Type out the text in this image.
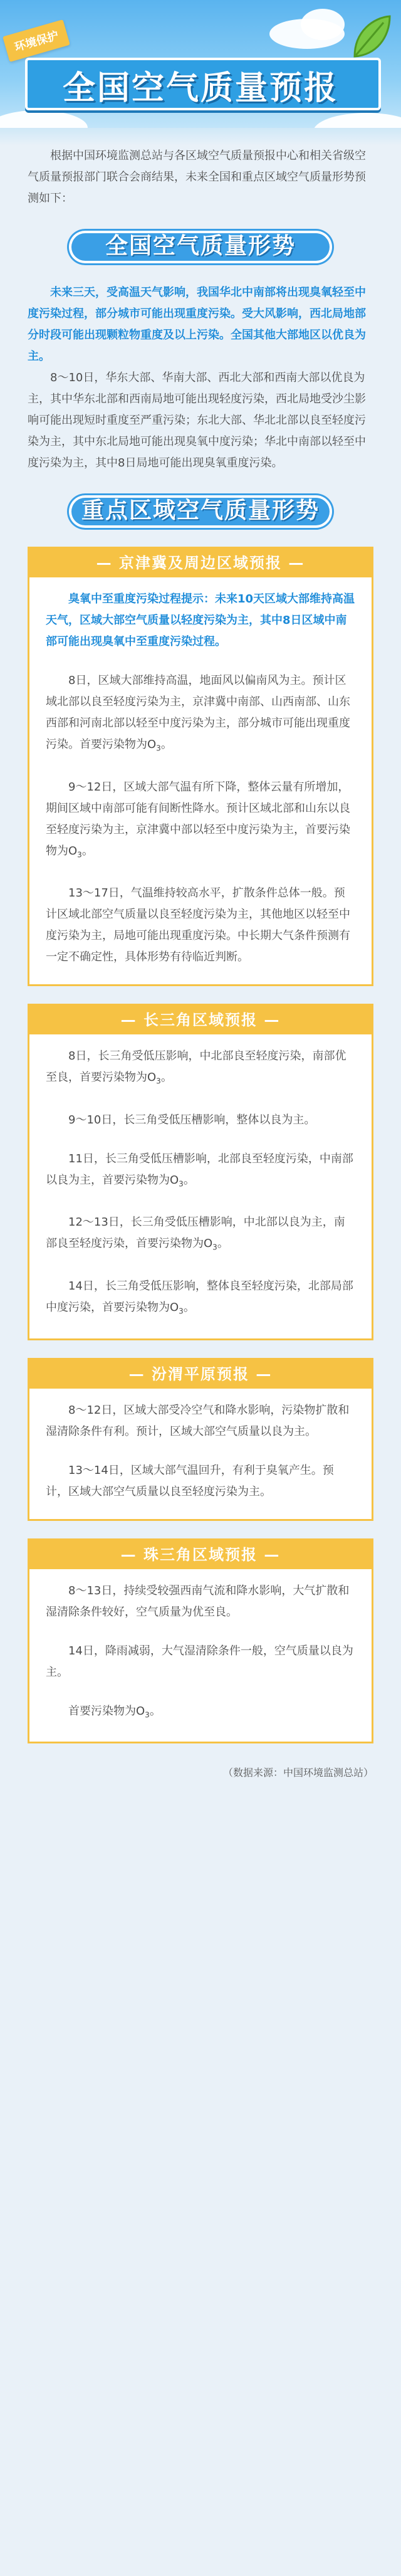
环境保护
全国空气质量预报

根据中国环境监测总站与各区域空气质量预报中心和相关省级空气质量预报部门联合会商结果，未来全国和重点区域空气质量形势预测如下：

全国空气质量形势

未来三天，受高温天气影响，我国华北中南部将出现臭氧轻至中度污染过程，部分城市可能出现重度污染。受大风影响，西北局地部分时段可能出现颗粒物重度及以上污染。全国其他大部地区以优良为主。

8～10日，华东大部、华南大部、西北大部和西南大部以优良为主，其中华东北部和西南局地可能出现轻度污染，西北局地受沙尘影响可能出现短时重度至严重污染；东北大部、华北北部以良至轻度污染为主，其中东北局地可能出现臭氧中度污染；华北中南部以轻至中度污染为主，其中8日局地可能出现臭氧重度污染。

重点区域空气质量形势
— 京津冀及周边区域预报 —

臭氧中至重度污染过程提示：未来10天区域大部维持高温天气，区域大部空气质量以轻度污染为主，其中8日区域中南部可能出现臭氧中至重度污染过程。

8日，区域大部维持高温，地面风以偏南风为主。预计区域北部以良至轻度污染为主，京津冀中南部、山西南部、山东西部和河南北部以轻至中度污染为主，部分城市可能出现重度污染。首要污染物为$O_3$。

9～12日，区域大部气温有所下降，整体云量有所增加，期间区域中南部可能有间断性降水。预计区域北部和山东以良至轻度污染为主，京津冀中部以轻至中度污染为主，首要污染物为$O_3$。

13～17日，气温维持较高水平，扩散条件总体一般。预计区域北部空气质量以良至轻度污染为主，其他地区以轻至中度污染为主，局地可能出现重度污染。中长期大气条件预测有一定不确定性，具体形势有待临近判断。

— 长三角区域预报 —

8日，长三角受低压影响，中北部良至轻度污染，南部优至良，首要污染物为$O_3$。

9～10日，长三角受低压槽影响，整体以良为主。

11日，长三角受低压槽影响，北部良至轻度污染，中南部以良为主，首要污染物为$O_3$。

12～13日，长三角受低压槽影响，中北部以良为主，南部良至轻度污染，首要污染物为$O_3$。

14日，长三角受低压影响，整体良至轻度污染，北部局部中度污染，首要污染物为$O_3$。

— 汾渭平原预报 —

8～12日，区域大部受冷空气和降水影响，污染物扩散和湿清除条件有利。预计，区域大部空气质量以良为主。

13～14日，区域大部气温回升，有利于臭氧产生。预计，区域大部空气质量以良至轻度污染为主。

— 珠三角区域预报 —

8～13日，持续受较强西南气流和降水影响，大气扩散和湿清除条件较好，空气质量为优至良。

14日，降雨减弱，大气湿清除条件一般，空气质量以良为主。

首要污染物为$O_3$。

（数据来源：中国环境监测总站）
